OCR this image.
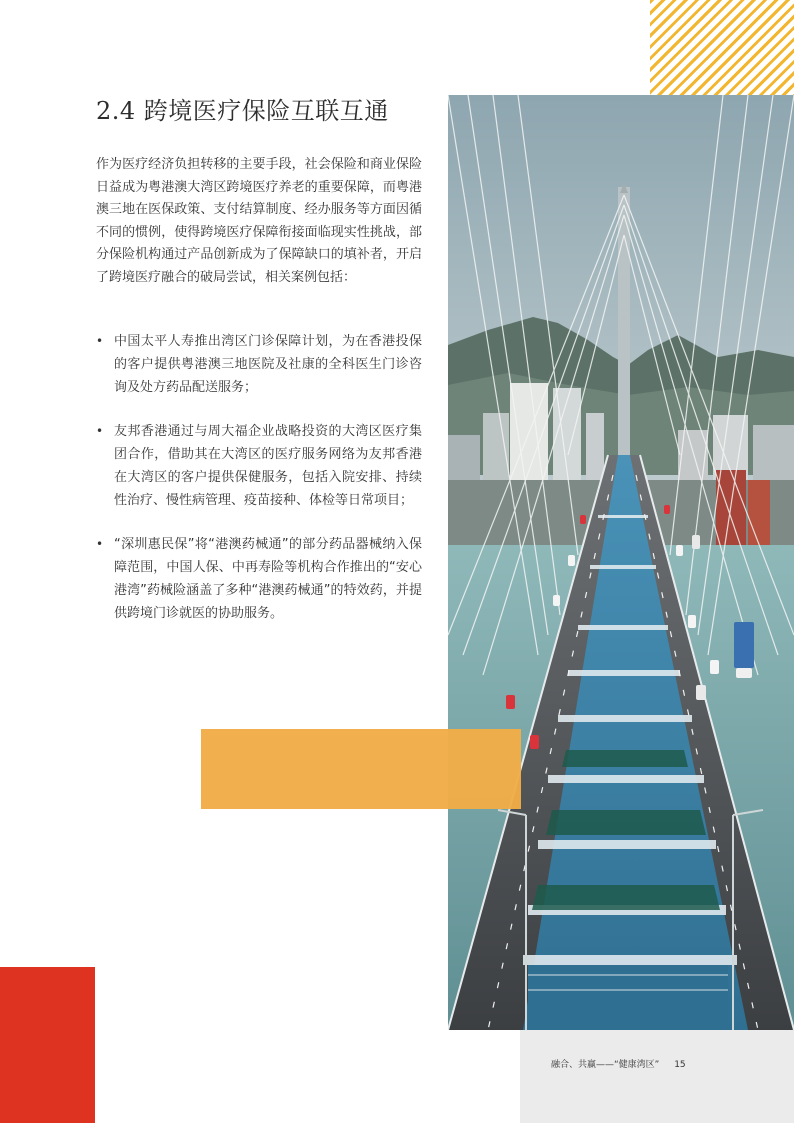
2.4 跨境医疗保险互联互通

作为医疗经济负担转移的主要手段，社会保险和商业保险日益成为粤港澳大湾区跨境医疗养老的重要保障，而粤港澳三地在医保政策、支付结算制度、经办服务等方面因循不同的惯例，使得跨境医疗保障衔接面临现实性挑战，部分保险机构通过产品创新成为了保障缺口的填补者，开启了跨境医疗融合的破局尝试，相关案例包括：

• 中国太平人寿推出湾区门诊保障计划，为在香港投保的客户提供粤港澳三地医院及社康的全科医生门诊咨询及处方药品配送服务；
• 友邦香港通过与周大福企业战略投资的大湾区医疗集团合作，借助其在大湾区的医疗服务网络为友邦香港在大湾区的客户提供保健服务，包括入院安排、持续性治疗、慢性病管理、疫苗接种、体检等日常项目；
• “深圳惠民保”将“港澳药械通”的部分药品器械纳入保障范围，中国人保、中再寿险等机构合作推出的“安心港湾”药械险涵盖了多种“港澳药械通”的特效药，并提供跨境门诊就医的协助服务。
融合、共赢——“健康湾区” 15
